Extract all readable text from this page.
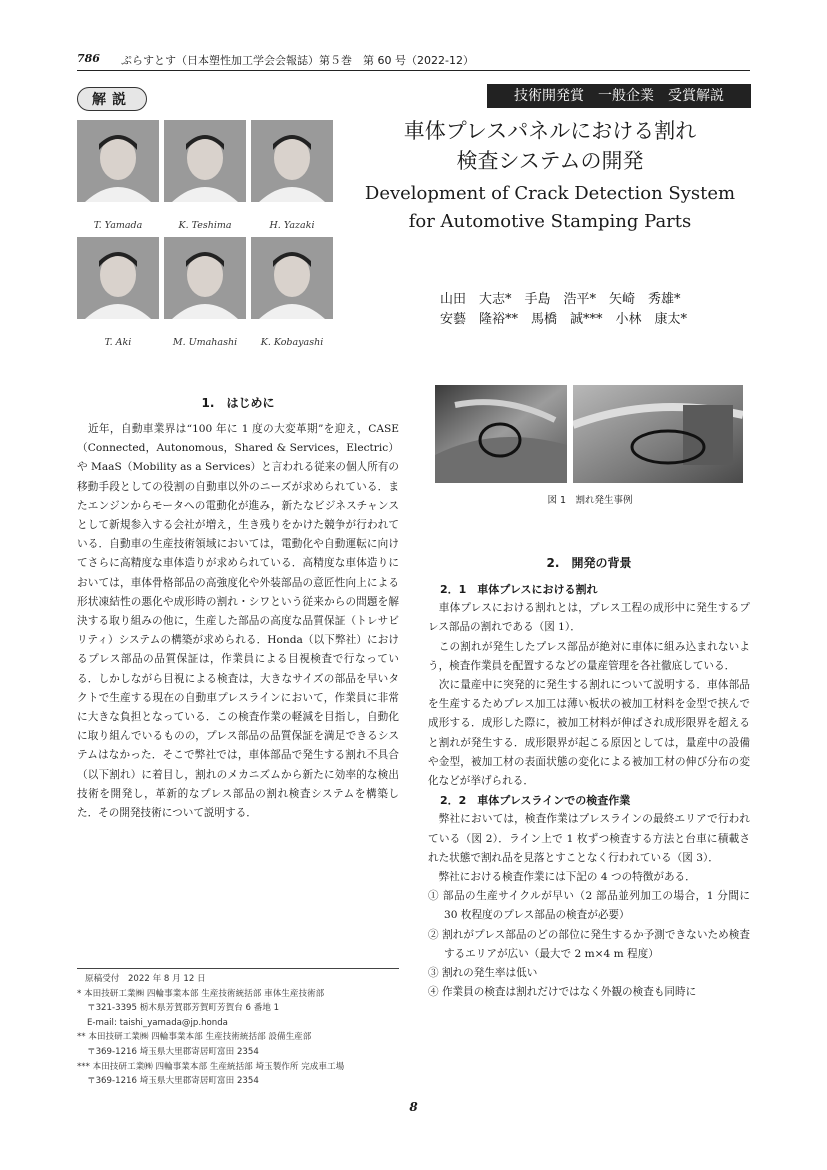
786 ぷらすとす（日本塑性加工学会会報誌）第５巻　第 60 号（2022-12）
解説	技術開発賞　一般企業　受賞解説
車体プレスパネルにおける割れ
検査システムの開発
Development of Crack Detection System
for Automotive Stamping Parts
T. Yamada	K. Teshima	H. Yazaki
T. Aki	M. Umahashi	K. Kobayashi
山田　大志*　手島　浩平*　矢崎　秀雄*
安藝　隆裕**　馬橋　誠***　小林　康太*
1.　はじめに
　近年，自動車業界は“100 年に 1 度の大変革期”を迎え，CASE（Connected，Autonomous，Shared & Services，Electric）や MaaS（Mobility as a Services）と言われる従来の個人所有の移動手段としての役割の自動車以外のニーズが求められている．またエンジンからモータへの電動化が進み，新たなビジネスチャンスとして新規参入する会社が増え，生き残りをかけた競争が行われている．自動車の生産技術領域においては，電動化や自動運転に向けてさらに高精度な車体造りが求められている．高精度な車体造りにおいては，車体骨格部品の高強度化や外装部品の意匠性向上による形状凍結性の悪化や成形時の割れ・シワという従来からの問題を解決する取り組みの他に，生産した部品の高度な品質保証（トレサビリティ）システムの構築が求められる．Honda（以下弊社）におけるプレス部品の品質保証は，作業員による目視検査で行なっている．しかしながら目視による検査は，大きなサイズの部品を早いタクトで生産する現在の自動車プレスラインにおいて，作業員に非常に大きな負担となっている．この検査作業の軽減を目指し，自動化に取り組んでいるものの，プレス部品の品質保証を満足できるシステムはなかった．そこで弊社では，車体部品で発生する割れ不具合（以下割れ）に着目し，割れのメカニズムから新たに効率的な検出技術を開発し，革新的なプレス部品の割れ検査システムを構築した．その開発技術について説明する．
原稿受付　2022 年 8 月 12 日
* 本田技研工業㈱ 四輪事業本部 生産技術統括部 車体生産技術部
〒321-3395 栃木県芳賀郡芳賀町芳賀台 6 番地 1
E-mail: taishi_yamada@jp.honda
** 本田技研工業㈱ 四輪事業本部 生産技術統括部 設備生産部
〒369-1216 埼玉県大里郡寄居町富田 2354
*** 本田技研工業㈱ 四輪事業本部 生産統括部 埼玉製作所 完成車工場
〒369-1216 埼玉県大里郡寄居町富田 2354
図 1　割れ発生事例
2.　開発の背景
2．1　車体プレスにおける割れ
　車体プレスにおける割れとは，プレス工程の成形中に発生するプレス部品の割れである（図 1）．
　この割れが発生したプレス部品が絶対に車体に組み込まれないよう，検査作業員を配置するなどの量産管理を各社徹底している．
　次に量産中に突発的に発生する割れについて説明する．車体部品を生産するためプレス加工は薄い板状の被加工材料を金型で挟んで成形する．成形した際に，被加工材料が伸ばされ成形限界を超えると割れが発生する．成形限界が起こる原因としては，量産中の設備や金型，被加工材の表面状態の変化による被加工材の伸び分布の変化などが挙げられる．
2．2　車体プレスラインでの検査作業
　弊社においては，検査作業はプレスラインの最終エリアで行われている（図 2）．ライン上で 1 枚ずつ検査する方法と台車に積載された状態で割れ品を見落とすことなく行われている（図 3）．
　弊社における検査作業には下記の 4 つの特徴がある．
① 部品の生産サイクルが早い（2 部品並列加工の場合，1 分間に 30 枚程度のプレス部品の検査が必要）
② 割れがプレス部品のどの部位に発生するか予測できないため検査するエリアが広い（最大で 2 m×4 m 程度）
③ 割れの発生率は低い
④ 作業員の検査は割れだけではなく外観の検査も同時に
8
